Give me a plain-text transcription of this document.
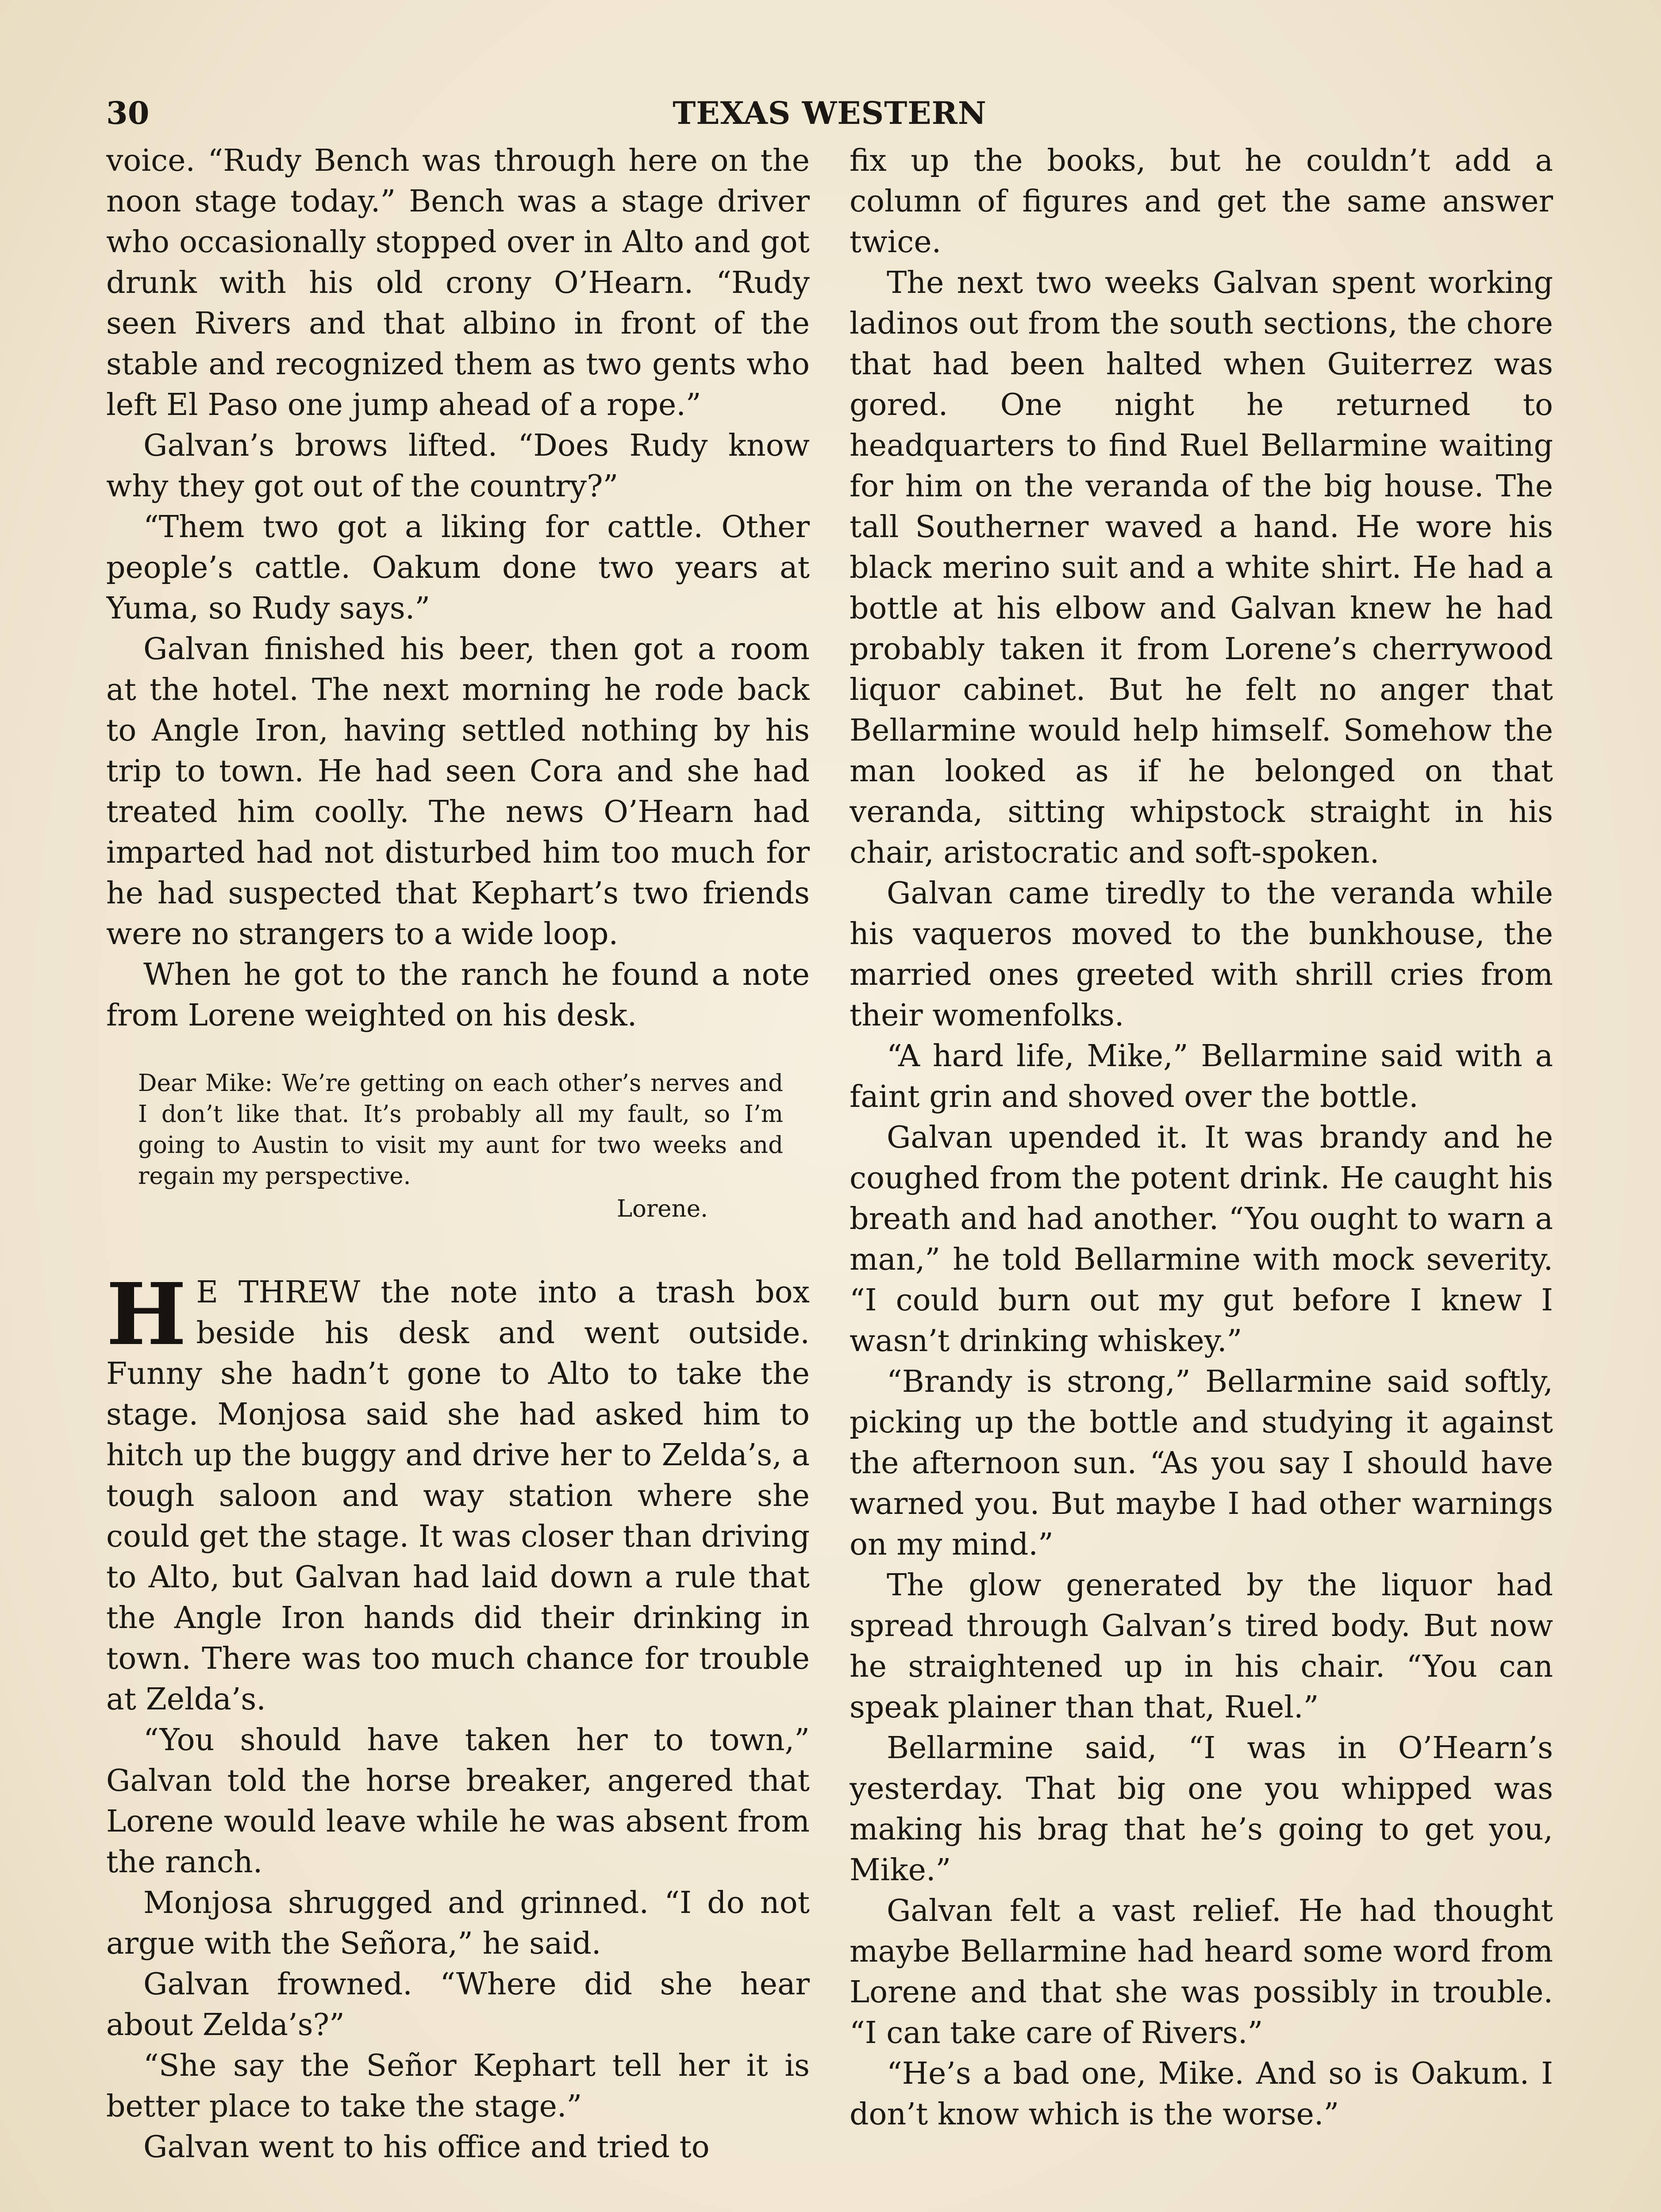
TEXAS WESTERN
30

voice. “Rudy Bench was through here on the noon stage today.” Bench was a stage driver who occasionally stopped over in Alto and got drunk with his old crony O’Hearn. “Rudy seen Rivers and that albino in front of the stable and recognized them as two gents who left El Paso one jump ahead of a rope.”

Galvan’s brows lifted. “Does Rudy know why they got out of the country?”

“Them two got a liking for cattle. Other people’s cattle. Oakum done two years at Yuma, so Rudy says.”

Galvan finished his beer, then got a room at the hotel. The next morning he rode back to Angle Iron, having settled nothing by his trip to town. He had seen Cora and she had treated him coolly. The news O’Hearn had imparted had not disturbed him too much for he had suspected that Kephart’s two friends were no strangers to a wide loop.

When he got to the ranch he found a note from Lorene weighted on his desk.

Dear Mike: We’re getting on each other’s nerves and I don’t like that. It’s probably all my fault, so I’m going to Austin to visit my aunt for two weeks and regain my perspective.
Lorene.

H E THREW the note into a trash box beside his desk and went outside. Funny she hadn’t gone to Alto to take the stage. Monjosa said she had asked him to hitch up the buggy and drive her to Zelda’s, a tough saloon and way station where she could get the stage. It was closer than driving to Alto, but Galvan had laid down a rule that the Angle Iron hands did their drinking in town. There was too much chance for trouble at Zelda’s.

“You should have taken her to town,” Galvan told the horse breaker, angered that Lorene would leave while he was absent from the ranch.

Monjosa shrugged and grinned. “I do not argue with the Señora,” he said.

Galvan frowned. “Where did she hear about Zelda’s?”

“She say the Señor Kephart tell her it is better place to take the stage.”

Galvan went to his office and tried to

fix up the books, but he couldn’t add a column of figures and get the same answer twice.

The next two weeks Galvan spent working ladinos out from the south sections, the chore that had been halted when Guiterrez was gored. One night he returned to headquarters to find Ruel Bellarmine waiting for him on the veranda of the big house. The tall Southerner waved a hand. He wore his black merino suit and a white shirt. He had a bottle at his elbow and Galvan knew he had probably taken it from Lorene’s cherrywood liquor cabinet. But he felt no anger that Bellarmine would help himself. Somehow the man looked as if he belonged on that veranda, sitting whipstock straight in his chair, aristocratic and soft-spoken.

Galvan came tiredly to the veranda while his vaqueros moved to the bunkhouse, the married ones greeted with shrill cries from their womenfolks.

“A hard life, Mike,” Bellarmine said with a faint grin and shoved over the bottle.

Galvan upended it. It was brandy and he coughed from the potent drink. He caught his breath and had another. “You ought to warn a man,” he told Bellarmine with mock severity. “I could burn out my gut before I knew I wasn’t drinking whiskey.”

“Brandy is strong,” Bellarmine said softly, picking up the bottle and studying it against the afternoon sun. “As you say I should have warned you. But maybe I had other warnings on my mind.”

The glow generated by the liquor had spread through Galvan’s tired body. But now he straightened up in his chair. “You can speak plainer than that, Ruel.”

Bellarmine said, “I was in O’Hearn’s yesterday. That big one you whipped was making his brag that he’s going to get you, Mike.”

Galvan felt a vast relief. He had thought maybe Bellarmine had heard some word from Lorene and that she was possibly in trouble. “I can take care of Rivers.”

“He’s a bad one, Mike. And so is Oakum. I don’t know which is the worse.”
